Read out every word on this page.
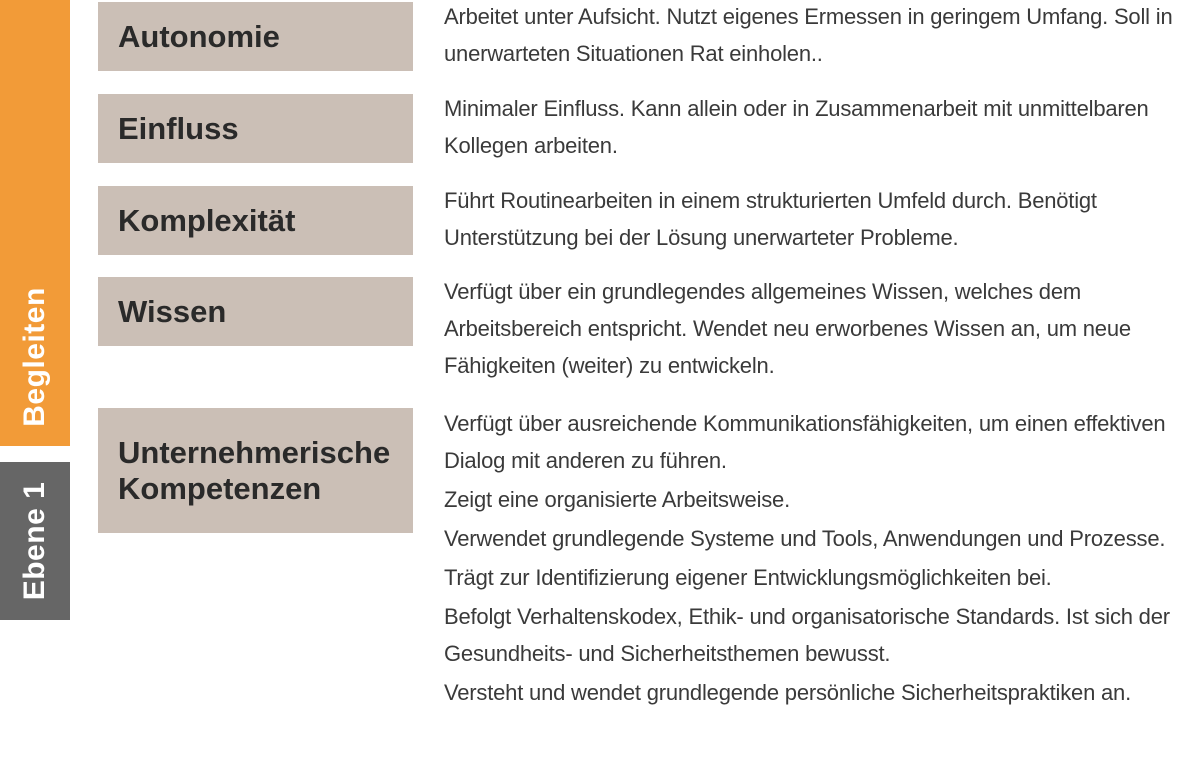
Begleiten
Ebene 1
Autonomie

Arbeitet unter Aufsicht. Nutzt eigenes Ermessen in geringem Umfang. Soll in unerwarteten Situationen Rat einholen..

Einfluss

Minimaler Einfluss. Kann allein oder in Zusammenarbeit mit unmittelbaren Kollegen arbeiten.

Komplexität

Führt Routinearbeiten in einem strukturierten Umfeld durch. Benötigt Unterstützung bei der Lösung unerwarteter Probleme.

Wissen

Verfügt über ein grundlegendes allgemeines Wissen, welches dem Arbeitsbereich entspricht. Wendet neu erworbenes Wissen an, um neue Fähigkeiten (weiter) zu entwickeln.

Unternehmerische Kompetenzen

Verfügt über ausreichende Kommunikationsfähigkeiten, um einen effektiven Dialog mit anderen zu führen.

Zeigt eine organisierte Arbeitsweise.

Verwendet grundlegende Systeme und Tools, Anwendungen und Prozesse.

Trägt zur Identifizierung eigener Entwicklungsmöglichkeiten bei.

Befolgt Verhaltenskodex, Ethik- und organisatorische Standards. Ist sich der Gesundheits- und Sicherheitsthemen bewusst.

Versteht und wendet grundlegende persönliche Sicherheitspraktiken an.
